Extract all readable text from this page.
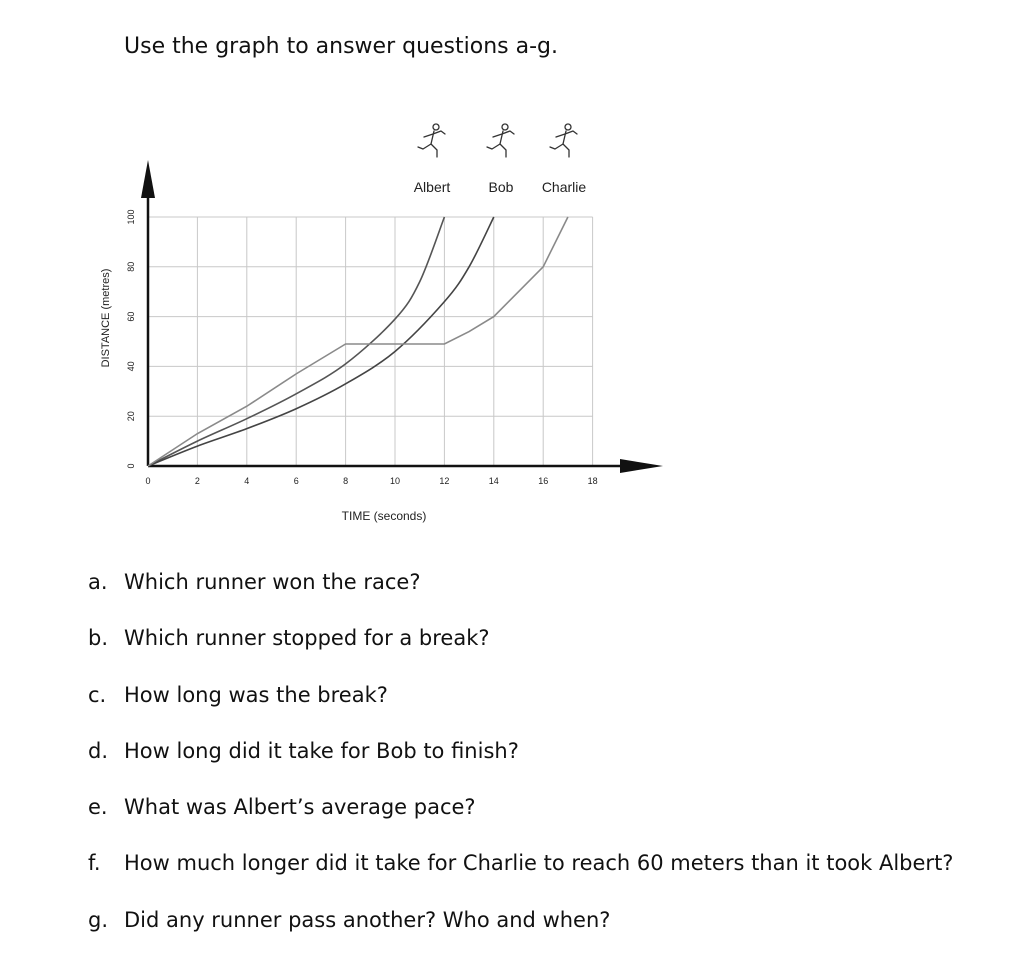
Use the graph to answer questions a-g.
0	2	4	6	8	10	12	14	16	18
0
20
40
60
80
100
Albert	Bob Charlie
TIME (seconds)
DISTANCE (metres)
a. Which runner won the race?
b. Which runner stopped for a break?
c. How long was the break?
d. How long did it take for Bob to finish?
e. What was Albert’s average pace?
f. How much longer did it take for Charlie to reach 60 meters than it took Albert?
g. Did any runner pass another? Who and when?
